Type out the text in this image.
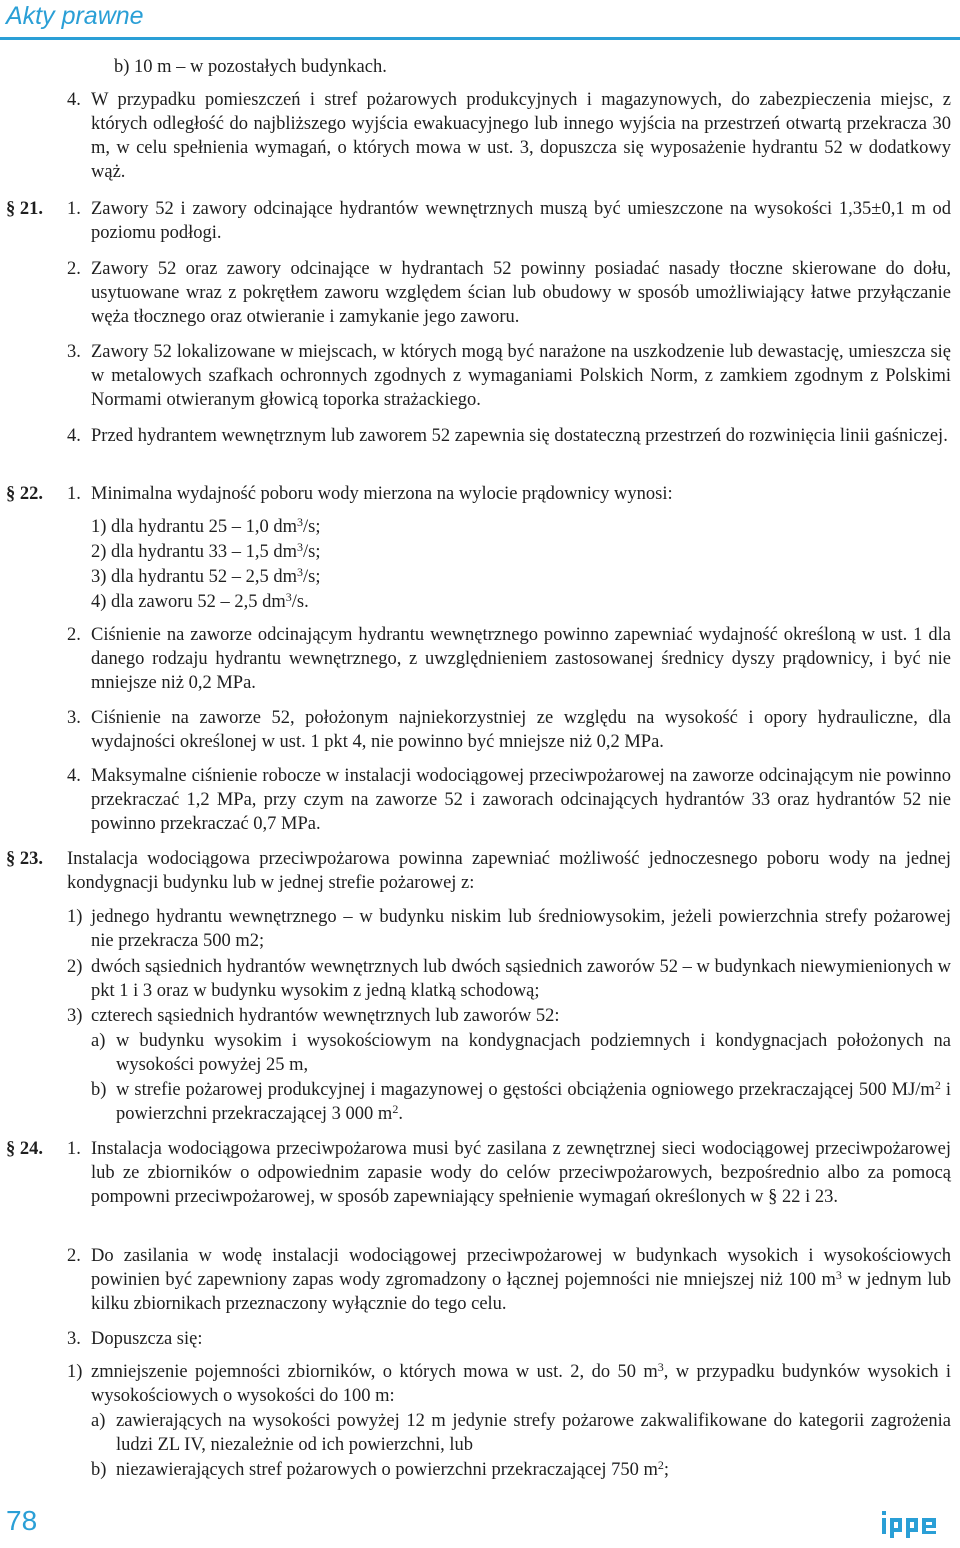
Akty prawne
b) 10 m – w pozostałych budynkach.
4. W przypadku pomieszczeń i stref pożarowych produkcyjnych i magazynowych, do zabezpieczenia miejsc, z których odległość do najbliższego wyjścia ewakuacyjnego lub innego wyjścia na przestrzeń otwartą przekracza 30 m, w celu spełnienia wymagań, o których mowa w ust. 3, dopuszcza się wyposażenie hydrantu 52 w dodatkowy wąż.
§ 21. 1. Zawory 52 i zawory odcinające hydrantów wewnętrznych muszą być umieszczone na wysokości 1,35±0,1 m od poziomu podłogi.
2. Zawory 52 oraz zawory odcinające w hydrantach 52 powinny posiadać nasady tłoczne skierowane do dołu, usytuowane wraz z pokrętłem zaworu względem ścian lub obudowy w sposób umożliwiający łatwe przyłączanie węża tłocznego oraz otwieranie i zamykanie jego zaworu.
3. Zawory 52 lokalizowane w miejscach, w których mogą być narażone na uszkodzenie lub dewastację, umieszcza się w metalowych szafkach ochronnych zgodnych z wymaganiami Polskich Norm, z zamkiem zgodnym z Polskimi Normami otwieranym głowicą toporka strażackiego.
4. Przed hydrantem wewnętrznym lub zaworem 52 zapewnia się dostateczną przestrzeń do rozwinięcia linii gaśniczej.
§ 22. 1. Minimalna wydajność poboru wody mierzona na wylocie prądownicy wynosi:
1) dla hydrantu 25 – 1,0 $dm^3/s$;
2) dla hydrantu 33 – 1,5 $dm^3/s$;
3) dla hydrantu 52 – 2,5 $dm^3/s$;
4) dla zaworu 52 – 2,5 $dm^3/s$.
2. Ciśnienie na zaworze odcinającym hydrantu wewnętrznego powinno zapewniać wydajność określoną w ust. 1 dla danego rodzaju hydrantu wewnętrznego, z uwzględnieniem zastosowanej średnicy dyszy prądownicy, i być nie mniejsze niż 0,2 MPa.
3. Ciśnienie na zaworze 52, położonym najniekorzystniej ze względu na wysokość i opory hydrauliczne, dla wydajności określonej w ust. 1 pkt 4, nie powinno być mniejsze niż 0,2 MPa.
4. Maksymalne ciśnienie robocze w instalacji wodociągowej przeciwpożarowej na zaworze odcinającym nie powinno przekraczać 1,2 MPa, przy czym na zaworze 52 i zaworach odcinających hydrantów 33 oraz hydrantów 52 nie powinno przekraczać 0,7 MPa.
§ 23. Instalacja wodociągowa przeciwpożarowa powinna zapewniać możliwość jednoczesnego poboru wody na jednej kondygnacji budynku lub w jednej strefie pożarowej z:
1) jednego hydrantu wewnętrznego – w budynku niskim lub średniowysokim, jeżeli powierzchnia strefy pożarowej nie przekracza 500 m2;
2) dwóch sąsiednich hydrantów wewnętrznych lub dwóch sąsiednich zaworów 52 – w budynkach niewymienionych w pkt 1 i 3 oraz w budynku wysokim z jedną klatką schodową;
3) czterech sąsiednich hydrantów wewnętrznych lub zaworów 52:
a) w budynku wysokim i wysokościowym na kondygnacjach podziemnych i kondygnacjach położonych na wysokości powyżej 25 m,
b) w strefie pożarowej produkcyjnej i magazynowej o gęstości obciążenia ogniowego przekraczającej 500 $MJ/m^2$ i powierzchni przekraczającej 3 000 $m^2$.
§ 24. 1. Instalacja wodociągowa przeciwpożarowa musi być zasilana z zewnętrznej sieci wodociągowej przeciwpożarowej lub ze zbiorników o odpowiednim zapasie wody do celów przeciwpożarowych, bezpośrednio albo za pomocą pompowni przeciwpożarowej, w sposób zapewniający spełnienie wymagań określonych w § 22 i 23.
2. Do zasilania w wodę instalacji wodociągowej przeciwpożarowej w budynkach wysokich i wysokościowych powinien być zapewniony zapas wody zgromadzony o łącznej pojemności nie mniejszej niż 100 $m^3$ w jednym lub kilku zbiornikach przeznaczony wyłącznie do tego celu.
3. Dopuszcza się:
1) zmniejszenie pojemności zbiorników, o których mowa w ust. 2, do 50 $m^3$, w przypadku budynków wysokich i wysokościowych o wysokości do 100 m:
a) zawierających na wysokości powyżej 12 m jedynie strefy pożarowe zakwalifikowane do kategorii zagrożenia ludzi ZL IV, niezależnie od ich powierzchni, lub
b) niezawierających stref pożarowych o powierzchni przekraczającej 750 $m^2$;
78
